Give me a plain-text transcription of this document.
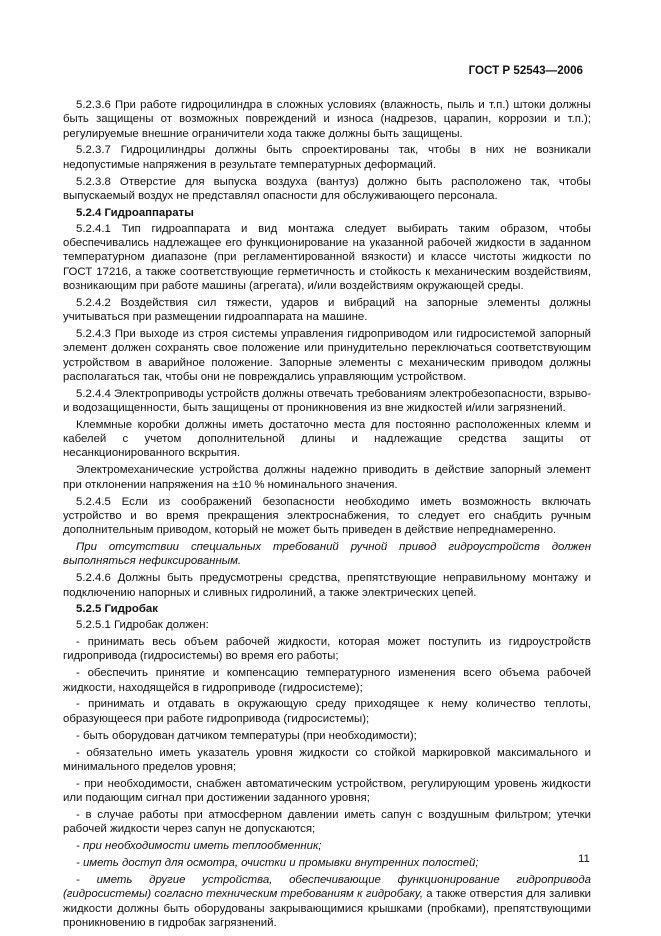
ГОСТ Р 52543—2006

5.2.3.6 При работе гидроцилиндра в сложных условиях (влажность, пыль и т.п.) штоки должны быть защищены от возможных повреждений и износа (надрезов, царапин, коррозии и т.п.); регулируемые внешние ограничители хода также должны быть защищены.

5.2.3.7 Гидроцилиндры должны быть спроектированы так, чтобы в них не возникали недопустимые напряжения в результате температурных деформаций.

5.2.3.8 Отверстие для выпуска воздуха (вантуз) должно быть расположено так, чтобы выпускаемый воздух не представлял опасности для обслуживающего персонала.

5.2.4 Гидроаппараты

5.2.4.1 Тип гидроаппарата и вид монтажа следует выбирать таким образом, чтобы обеспечивались надлежащее его функционирование на указанной рабочей жидкости в заданном температурном диапазоне (при регламентированной вязкости) и классе чистоты жидкости по ГОСТ 17216, а также соответствующие герметичность и стойкость к механическим воздействиям, возникающим при работе машины (агрегата), и/или воздействиям окружающей среды.

5.2.4.2 Воздействия сил тяжести, ударов и вибраций на запорные элементы должны учитываться при размещении гидроаппарата на машине.

5.2.4.3 При выходе из строя системы управления гидроприводом или гидросистемой запорный элемент должен сохранять свое положение или принудительно переключаться соответствующим устройством в аварийное положение. Запорные элементы с механическим приводом должны располагаться так, чтобы они не повреждались управляющим устройством.

5.2.4.4 Электроприводы устройств должны отвечать требованиям электробезопасности, взрыво- и водозащищенности, быть защищены от проникновения из вне жидкостей и/или загрязнений.

Клеммные коробки должны иметь достаточно места для постоянно расположенных клемм и кабелей с учетом дополнительной длины и надлежащие средства защиты от несанкционированного вскрытия.

Электромеханические устройства должны надежно приводить в действие запорный элемент при отклонении напряжения на ±10 % номинального значения.

5.2.4.5 Если из соображений безопасности необходимо иметь возможность включать устройство и во время прекращения электроснабжения, то следует его снабдить ручным дополнительным приводом, который не может быть приведен в действие непреднамеренно.

При отсутствии специальных требований ручной привод гидроустройств должен выполняться нефиксированным.

5.2.4.6 Должны быть предусмотрены средства, препятствующие неправильному монтажу и подключению напорных и сливных гидролиний, а также электрических цепей.

5.2.5 Гидробак

5.2.5.1 Гидробак должен:

- принимать весь объем рабочей жидкости, которая может поступить из гидроустройств гидропривода (гидросистемы) во время его работы;

- обеспечить принятие и компенсацию температурного изменения всего объема рабочей жидкости, находящейся в гидроприводе (гидросистеме);

- принимать и отдавать в окружающую среду приходящее к нему количество теплоты, образующееся при работе гидропривода (гидросистемы);

- быть оборудован датчиком температуры (при необходимости);

- обязательно иметь указатель уровня жидкости со стойкой маркировкой максимального и минимального пределов уровня;

- при необходимости, снабжен автоматическим устройством, регулирующим уровень жидкости или подающим сигнал при достижении заданного уровня;

- в случае работы при атмосферном давлении иметь сапун с воздушным фильтром; утечки рабочей жидкости через сапун не допускаются;

- при необходимости иметь теплообменник;

- иметь доступ для осмотра, очистки и промывки внутренних полостей;

- иметь другие устройства, обеспечивающие функционирование гидропривода (гидросистемы) согласно техническим требованиям к гидробаку, а также отверстия для заливки жидкости должны быть оборудованы закрывающимися крышками (пробками), препятствующими проникновению в гидробак загрязнений.

11
